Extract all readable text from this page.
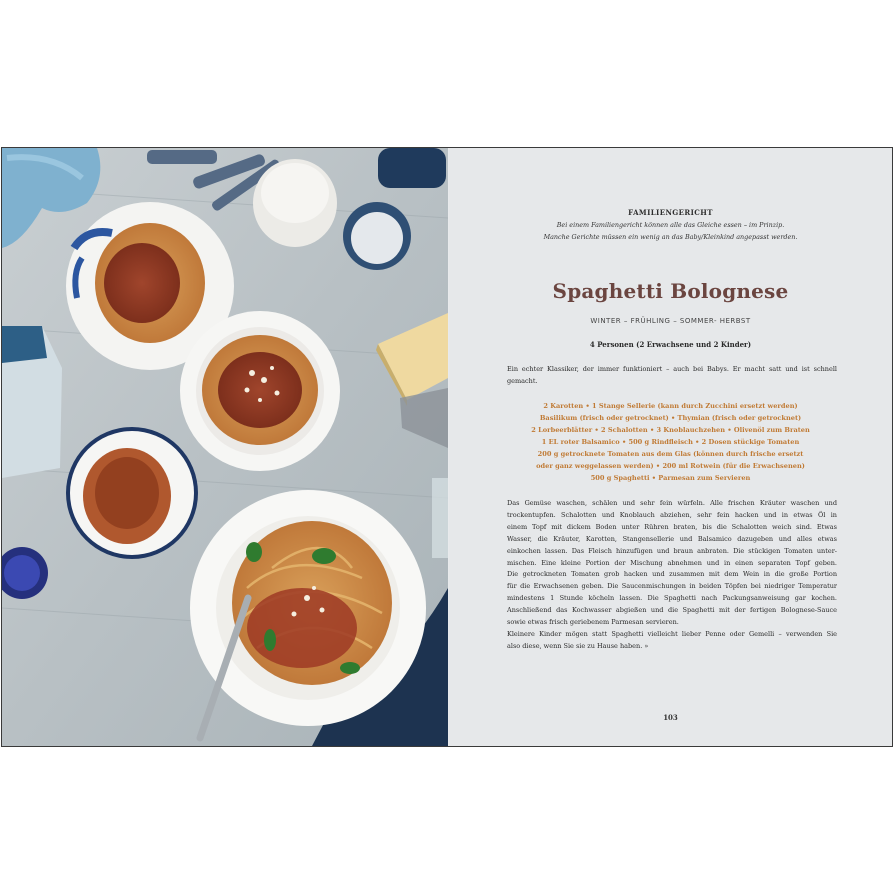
FAMILIENGERICHT
Bei einem Familiengericht können alle das Gleiche essen – im Prinzip.
Manche Gerichte müssen ein wenig an das Baby/Kleinkind angepasst werden.
Spaghetti Bolognese
WINTER – FRÜHLING – SOMMER- HERBST
4 Personen (2 Erwachsene und 2 Kinder)
Ein echter Klassiker, der immer funktioniert – auch bei Babys. Er macht satt und ist schnell
gemacht.
2 Karotten • 1 Stange Sellerie (kann durch Zucchini ersetzt werden)
Basilikum (frisch oder getrocknet) • Thymian (frisch oder getrocknet)
2 Lorbeerblätter • 2 Schalotten • 3 Knoblauchzehen • Olivenöl zum Braten
1 EL roter Balsamico • 500 g Rindfleisch • 2 Dosen stückige Tomaten
200 g getrocknete Tomaten aus dem Glas (können durch frische ersetzt
oder ganz weggelassen werden) • 200 ml Rotwein (für die Erwachsenen)
500 g Spaghetti • Parmesan zum Servieren
Das Gemüse waschen, schälen und sehr fein würfeln. Alle frischen Kräuter waschen und
trockentupfen. Schalotten und Knoblauch abziehen, sehr fein hacken und in etwas Öl in
einem Topf mit dickem Boden unter Rühren braten, bis die Schalotten weich sind. Etwas
Wasser, die Kräuter, Karotten, Stangensellerie und Balsamico dazugeben und alles etwas
einkochen lassen. Das Fleisch hinzufügen und braun anbraten. Die stückigen Tomaten unter-
mischen. Eine kleine Portion der Mischung abnehmen und in einen separaten Topf geben.
Die getrockneten Tomaten grob hacken und zusammen mit dem Wein in die große Portion
für die Erwachsenen geben. Die Saucenmischungen in beiden Töpfen bei niedriger Temperatur
mindestens 1 Stunde köcheln lassen. Die Spaghetti nach Packungsanweisung gar kochen.
Anschließend das Kochwasser abgießen und die Spaghetti mit der fertigen Bolognese-Sauce
sowie etwas frisch geriebenem Parmesan servieren.
Kleinere Kinder mögen statt Spaghetti vielleicht lieber Penne oder Gemelli – verwenden Sie
also diese, wenn Sie sie zu Hause haben. »
103
